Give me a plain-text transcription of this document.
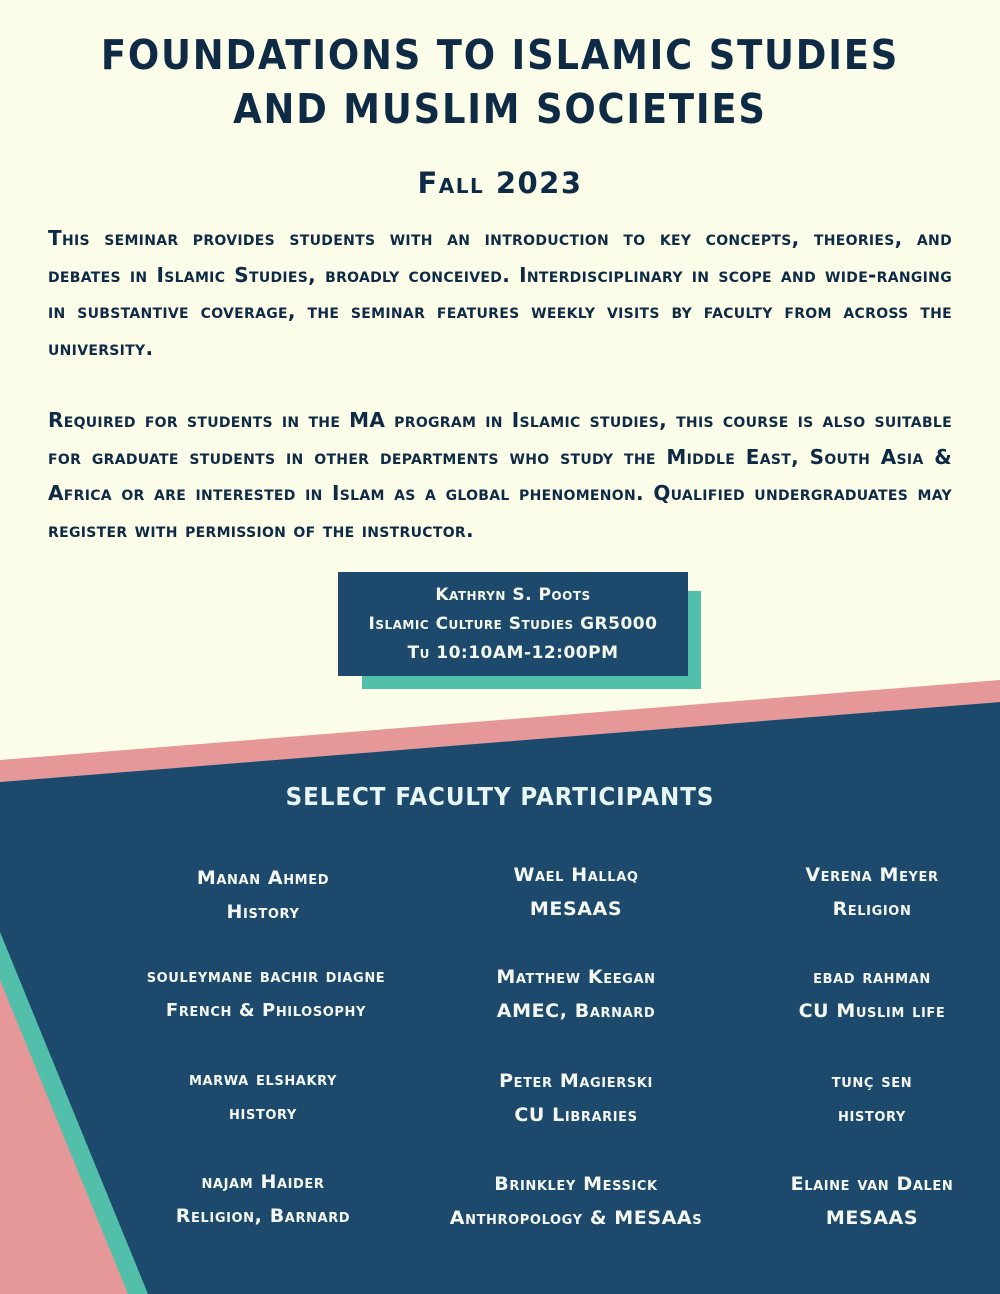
FOUNDATIONS TO ISLAMIC STUDIES
AND MUSLIM SOCIETIES
Fall 2023
This seminar provides students with an introduction to key concepts, theories, and debates in Islamic Studies, broadly conceived. Interdisciplinary in scope and wide-ranging in substantive coverage, the seminar features weekly visits by faculty from across the university.
Required for students in the MA program in Islamic studies, this course is also suitable for graduate students in other departments who study the Middle East, South Asia & Africa or are interested in Islam as a global phenomenon. Qualified undergraduates may register with permission of the instructor.
Kathryn S. Poots
Islamic Culture Studies GR5000
Tu 10:10AM-12:00PM
SELECT FACULTY PARTICIPANTS
Manan Ahmed
History
Wael Hallaq
MESAAS
Verena Meyer
Religion
souleymane bachir diagne
French & Philosophy
Matthew Keegan
AMEC, Barnard
ebad rahman
CU Muslim life
marwa elshakry
history
Peter Magierski
CU Libraries
tunç sen
history
najam Haider
Religion, Barnard
Brinkley Messick
Anthropology & MESAAs
Elaine van Dalen
MESAAS
